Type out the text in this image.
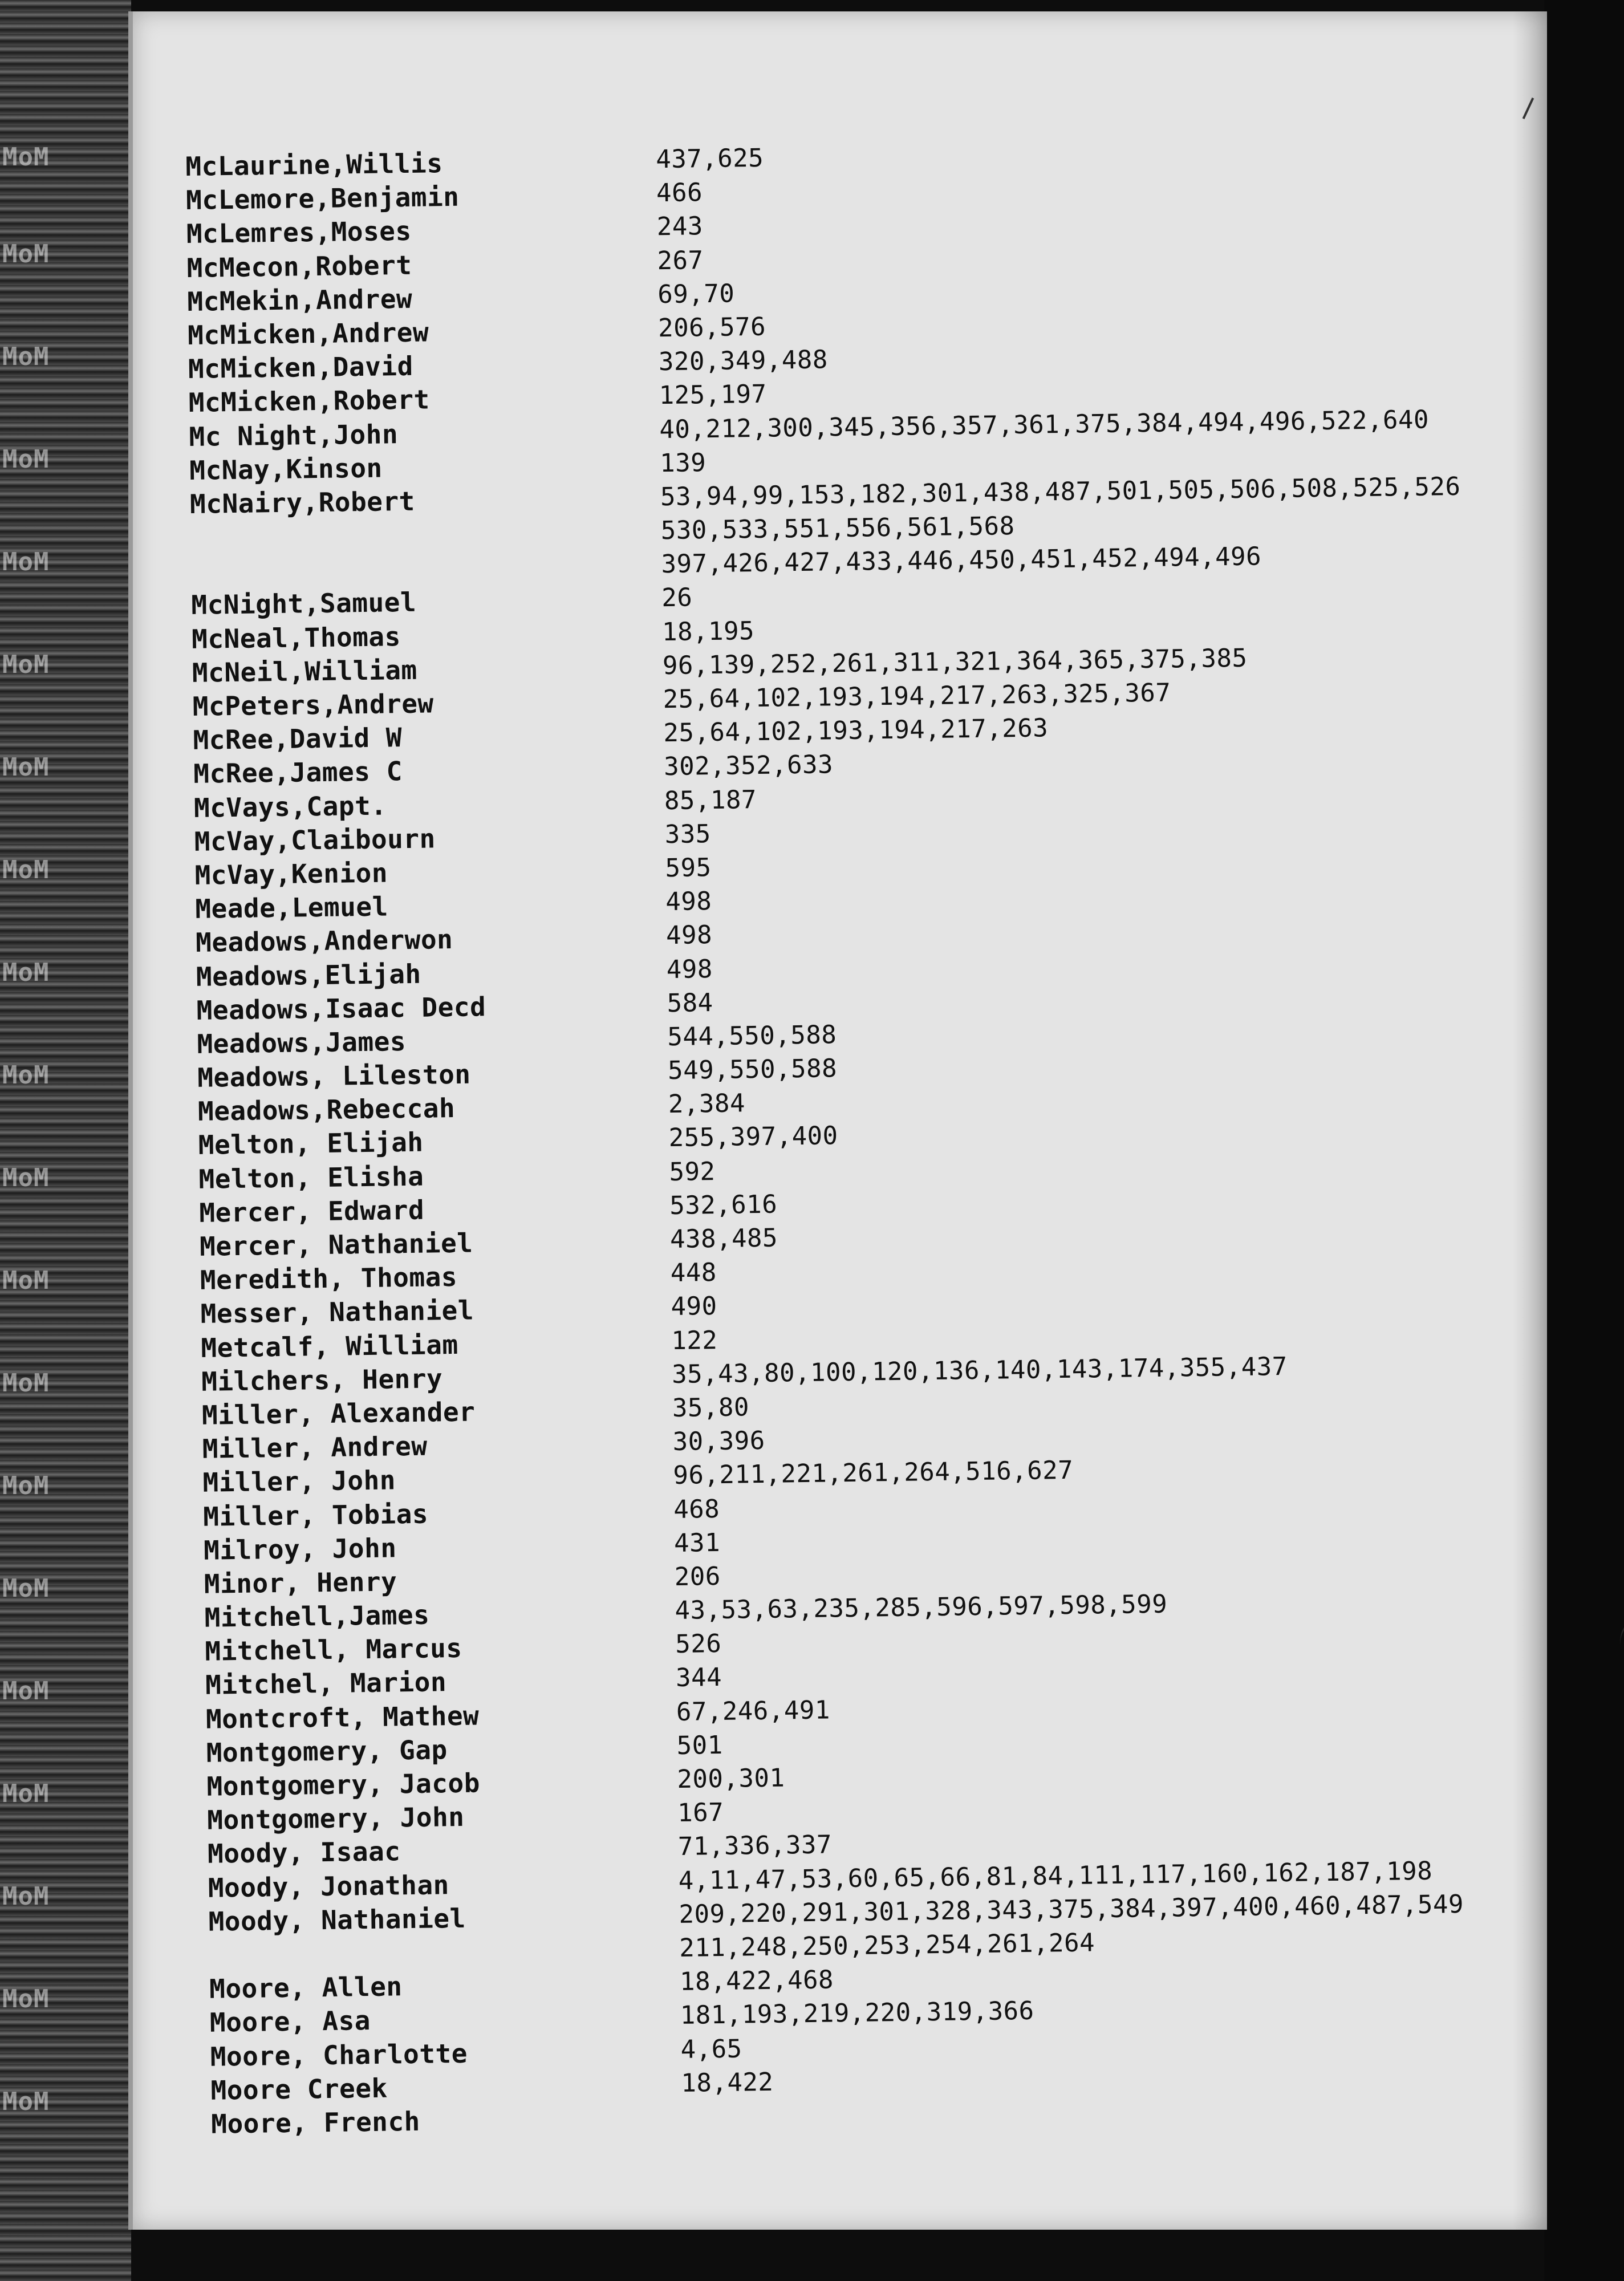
MoM
MoM
MoM
MoM
MoM
MoM
MoM
MoM
MoM
MoM
MoM
MoM
MoM
MoM
MoM
MoM
MoM
MoM
MoM
MoM
McLaurine,Willis	437,625
McLemore,Benjamin	466
McLemres,Moses	243
McMecon,Robert	267
McMekin,Andrew	69,70
McMicken,Andrew	206,576
McMicken,David	320,349,488
McMicken,Robert	125,197
Mc Night,John	40,212,300,345,356,357,361,375,384,494,496,522,640
McNay,Kinson	139
McNairy,Robert	53,94,99,153,182,301,438,487,501,505,506,508,525,526
530,533,551,556,561,568
397,426,427,433,446,450,451,452,494,496
McNight,Samuel	26
McNeal,Thomas	18,195
McNeil,William	96,139,252,261,311,321,364,365,375,385
McPeters,Andrew	25,64,102,193,194,217,263,325,367
McRee,David W	25,64,102,193,194,217,263
McRee,James C	302,352,633
McVays,Capt.	85,187
McVay,Claibourn	335
McVay,Kenion	595
Meade,Lemuel	498
Meadows,Anderwon	498
Meadows,Elijah	498
Meadows,Isaac Decd	584
Meadows,James	544,550,588
Meadows, Lileston	549,550,588
Meadows,Rebeccah	2,384
Melton, Elijah	255,397,400
Melton, Elisha	592
Mercer, Edward	532,616
Mercer, Nathaniel	438,485
Meredith, Thomas	448
Messer, Nathaniel	490
Metcalf, William	122
Milchers, Henry	35,43,80,100,120,136,140,143,174,355,437
Miller, Alexander	35,80
Miller, Andrew	30,396
Miller, John	96,211,221,261,264,516,627
Miller, Tobias	468
Milroy, John	431
Minor, Henry	206
Mitchell,James	43,53,63,235,285,596,597,598,599
Mitchell, Marcus	526
Mitchel, Marion	344
Montcroft, Mathew	67,246,491
Montgomery, Gap	501
Montgomery, Jacob	200,301
Montgomery, John	167
Moody, Isaac	71,336,337
Moody, Jonathan	4,11,47,53,60,65,66,81,84,111,117,160,162,187,198
Moody, Nathaniel	209,220,291,301,328,343,375,384,397,400,460,487,549
211,248,250,253,254,261,264
Moore, Allen	18,422,468
Moore, Asa	181,193,219,220,319,366
Moore, Charlotte	4,65
Moore Creek	18,422
Moore, French
